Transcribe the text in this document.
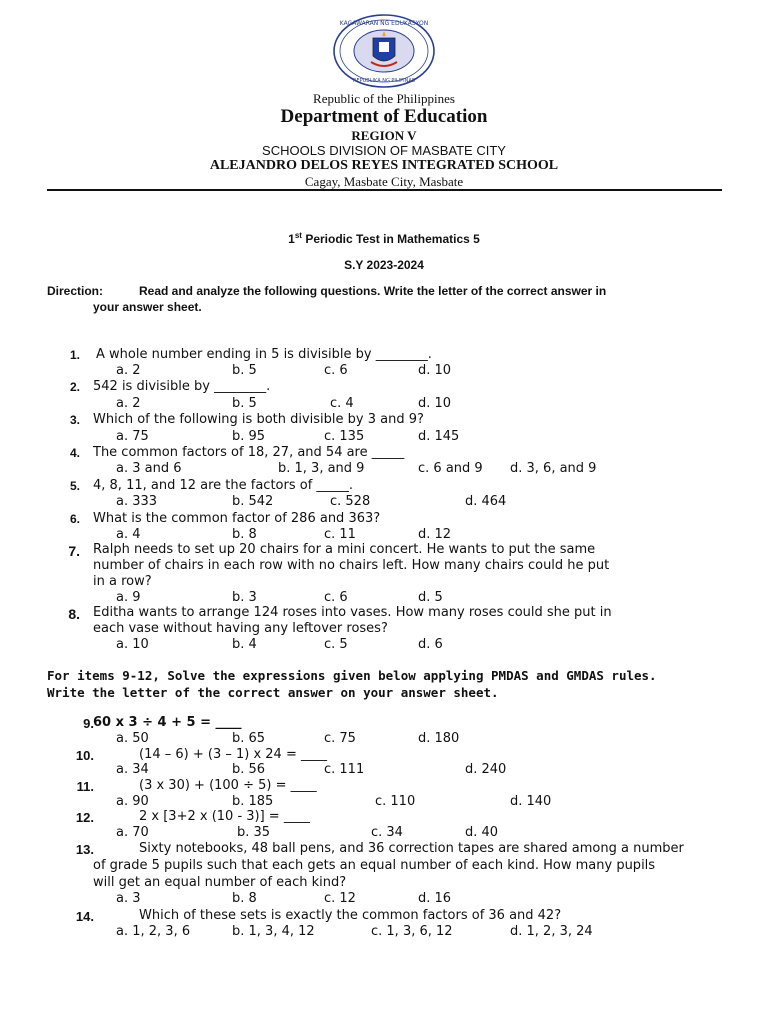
KAGAWARAN NG EDUKASYON
REPUBLIKA NG PILIPINAS
Republic of the Philippines
Department of Education
REGION V
SCHOOLS DIVISION OF MASBATE CITY
ALEJANDRO DELOS REYES INTEGRATED SCHOOL
Cagay, Masbate City, Masbate
1st Periodic Test in Mathematics 5
S.Y 2023-2024
Direction:	Read and analyze the following questions. Write the letter of the correct answer in
your answer sheet.
1. A whole number ending in 5 is divisible by ________.
a. 2	b. 5	c. 6	d. 10
2. 542 is divisible by ________.
a. 2	b. 5	c. 4	d. 10
3. Which of the following is both divisible by 3 and 9?
a. 75	b. 95	c. 135	d. 145
4. The common factors of 18, 27, and 54 are _____
a. 3 and 6	b. 1, 3, and 9	c. 6 and 9 d. 3, 6, and 9
5. 4, 8, 11, and 12 are the factors of _____.
a. 333	b. 542	c. 528	d. 464
6. What is the common factor of 286 and 363?
a. 4	b. 8	c. 11	d. 12
7. Ralph needs to set up 20 chairs for a mini concert. He wants to put the same
number of chairs in each row with no chairs left. How many chairs could he put
in a row?
a. 9	b. 3	c. 6	d. 5
8. Editha wants to arrange 124 roses into vases. How many roses could she put in
each vase without having any leftover roses?
a. 10	b. 4	c. 5	d. 6
For items 9-12, Solve the expressions given below applying PMDAS and GMDAS rules.
Write the letter of the correct answer on your answer sheet.
9. 60 x 3 ÷ 4 + 5 = ____
a. 50	b. 65	c. 75	d. 180
10.	(14 – 6) + (3 – 1) x 24 = ____
a. 34	b. 56	c. 111	d. 240
11.	(3 x 30) + (100 ÷ 5) = ____
a. 90	b. 185	c. 110	d. 140
12.	2 x [3+2 x (10 - 3)] = ____
a. 70	b. 35	c. 34	d. 40
13.	Sixty notebooks, 48 ball pens, and 36 correction tapes are shared among a number
of grade 5 pupils such that each gets an equal number of each kind. How many pupils
will get an equal number of each kind?
a. 3	b. 8	c. 12	d. 16
14.	Which of these sets is exactly the common factors of 36 and 42?
a. 1, 2, 3, 6	b. 1, 3, 4, 12	c. 1, 3, 6, 12	d. 1, 2, 3, 24
